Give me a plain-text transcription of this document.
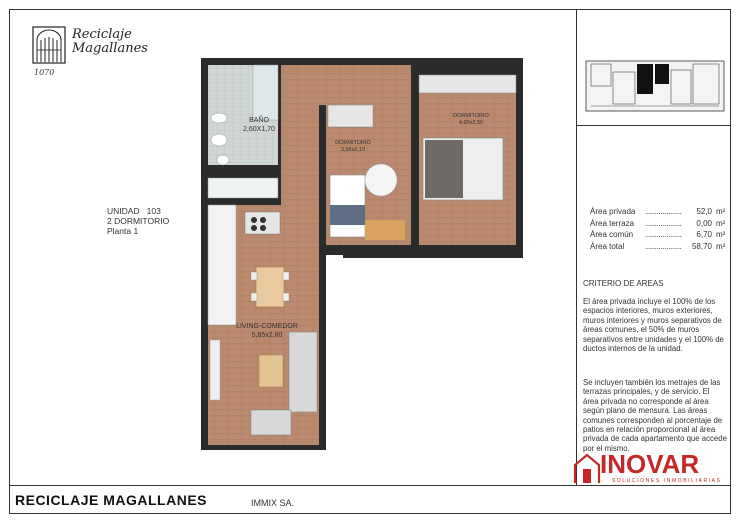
Reciclaje
Magallanes
1070
UNIDAD   103
2 DORMITORIO
Planta 1
BAÑO
2,60X1,70
DORMITORIO
3,95x2,10
DORMITORIO
4,60x2,50
LIVING-COMEDOR
5,85x2,80
Área privada ...................	52,0 m²
Área terraza ...................	0,00 m²
Área común ...................	6,70 m²
Área total	...................	58,70 m²
CRITERIO DE AREAS
El área privada incluye el 100% de los espacios interiores, muros exteriores, muros interiores y muros separativos de áreas comunes, el 50% de muros separativos entre unidades y el 100% de ductos internos de la unidad.
Se incluyen también los metrajes de las terrazas principales, y de servicio. El área privada no corresponde al área según plano de mensura. Las áreas comunes corresponden al porcentaje de patios en relación proporcional al área privada de cada apartamento que accede por el mismo.
RECICLAJE MAGALLANES	IMMIX SA.
INOVAR
SOLUCIONES INMOBILIARIAS
